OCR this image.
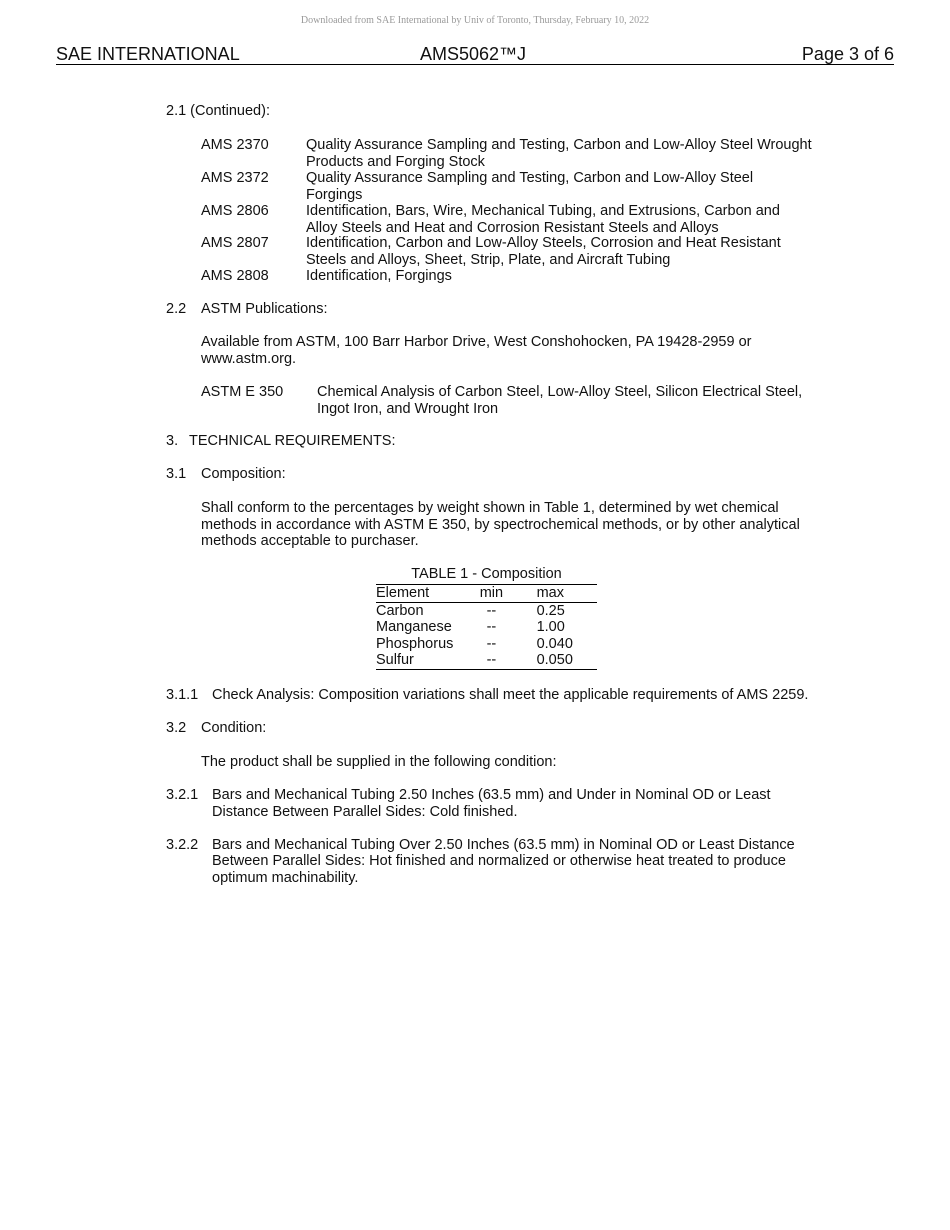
Downloaded from SAE International by Univ of Toronto, Thursday, February 10, 2022
SAE INTERNATIONAL	AMS5062™J	Page 3 of 6
2.1 (Continued):
AMS 2370	Quality Assurance Sampling and Testing, Carbon and Low-Alloy Steel Wrought Products and Forging Stock
AMS 2372	Quality Assurance Sampling and Testing, Carbon and Low-Alloy Steel Forgings
AMS 2806	Identification, Bars, Wire, Mechanical Tubing, and Extrusions, Carbon and Alloy Steels and Heat and Corrosion Resistant Steels and Alloys
AMS 2807	Identification, Carbon and Low-Alloy Steels, Corrosion and Heat Resistant Steels and Alloys, Sheet, Strip, Plate, and Aircraft Tubing
AMS 2808	Identification, Forgings
2.2 ASTM Publications:
Available from ASTM, 100 Barr Harbor Drive, West Conshohocken, PA 19428-2959 or www.astm.org.
ASTM E 350 Chemical Analysis of Carbon Steel, Low-Alloy Steel, Silicon Electrical Steel, Ingot Iron, and Wrought Iron
3. TECHNICAL REQUIREMENTS:
3.1 Composition:
Shall conform to the percentages by weight shown in Table 1, determined by wet chemical methods in accordance with ASTM E 350, by spectrochemical methods, or by other analytical methods acceptable to purchaser.
TABLE 1 - Composition
Element	min	max
Carbon	--	0.25
Manganese	--	1.00
Phosphorus	--	0.040
Sulfur	--	0.050
3.1.1 Check Analysis: Composition variations shall meet the applicable requirements of AMS 2259.
3.2 Condition:
The product shall be supplied in the following condition:
3.2.1 Bars and Mechanical Tubing 2.50 Inches (63.5 mm) and Under in Nominal OD or Least
Distance Between Parallel Sides: Cold finished.
3.2.2 Bars and Mechanical Tubing Over 2.50 Inches (63.5 mm) in Nominal OD or Least Distance
Between Parallel Sides: Hot finished and normalized or otherwise heat treated to produce
optimum machinability.
